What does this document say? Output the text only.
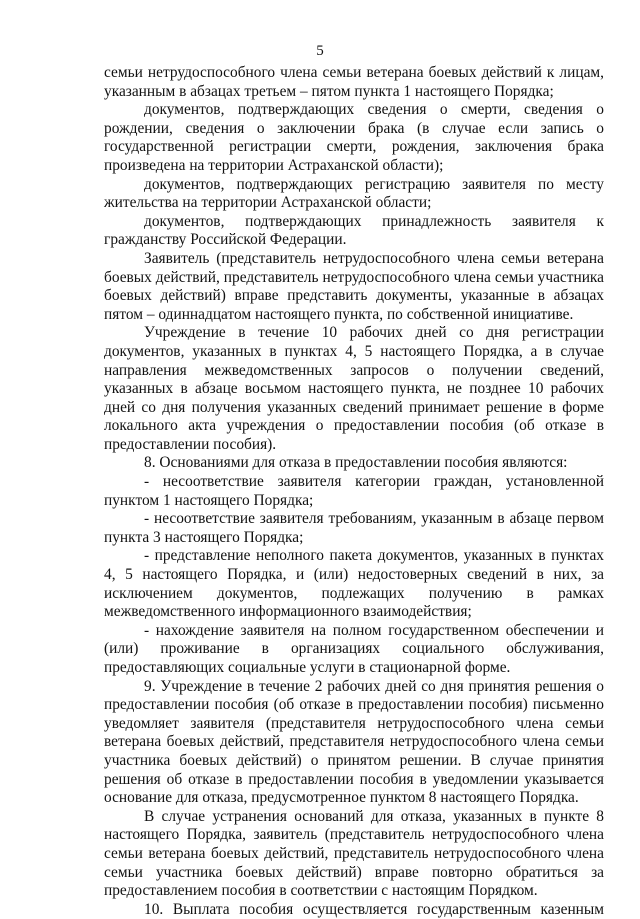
5

семьи нетрудоспособного члена семьи ветерана боевых действий к лицам, указанным в абзацах третьем – пятом пункта 1 настоящего Порядка;

документов, подтверждающих сведения о смерти, сведения о рождении, сведения о заключении брака (в случае если запись о государственной регистрации смерти, рождения, заключения брака произведена на территории Астраханской области);

документов, подтверждающих регистрацию заявителя по месту жительства на территории Астраханской области;

документов, подтверждающих принадлежность заявителя к гражданству Российской Федерации.

Заявитель (представитель нетрудоспособного члена семьи ветерана боевых действий, представитель нетрудоспособного члена семьи участника боевых действий) вправе представить документы, указанные в абзацах пятом – одиннадцатом настоящего пункта, по собственной инициативе.

Учреждение в течение 10 рабочих дней со дня регистрации документов, указанных в пунктах 4, 5 настоящего Порядка, а в случае направления межведомственных запросов о получении сведений, указанных в абзаце восьмом настоящего пункта, не позднее 10 рабочих дней со дня получения указанных сведений принимает решение в форме локального акта учреждения о предоставлении пособия (об отказе в предоставлении пособия).

8. Основаниями для отказа в предоставлении пособия являются:

- несоответствие заявителя категории граждан, установленной пунктом 1 настоящего Порядка;

- несоответствие заявителя требованиям, указанным в абзаце первом пункта 3 настоящего Порядка;

- представление неполного пакета документов, указанных в пунктах 4, 5 настоящего Порядка, и (или) недостоверных сведений в них, за исключением документов, подлежащих получению в рамках межведомственного информационного взаимодействия;

- нахождение заявителя на полном государственном обеспечении и (или) проживание в организациях социального обслуживания, предоставляющих социальные услуги в стационарной форме.

9. Учреждение в течение 2 рабочих дней со дня принятия решения о предоставлении пособия (об отказе в предоставлении пособия) письменно уведомляет заявителя (представителя нетрудоспособного члена семьи ветерана боевых действий, представителя нетрудоспособного члена семьи участника боевых действий) о принятом решении. В случае принятия решения об отказе в предоставлении пособия в уведомлении указывается основание для отказа, предусмотренное пунктом 8 настоящего Порядка.

В случае устранения оснований для отказа, указанных в пункте 8 настоящего Порядка, заявитель (представитель нетрудоспособного члена семьи ветерана боевых действий, представитель нетрудоспособного члена семьи участника боевых действий) вправе повторно обратиться за предоставлением пособия в соответствии с настоящим Порядком.

10. Выплата пособия осуществляется государственным казенным
